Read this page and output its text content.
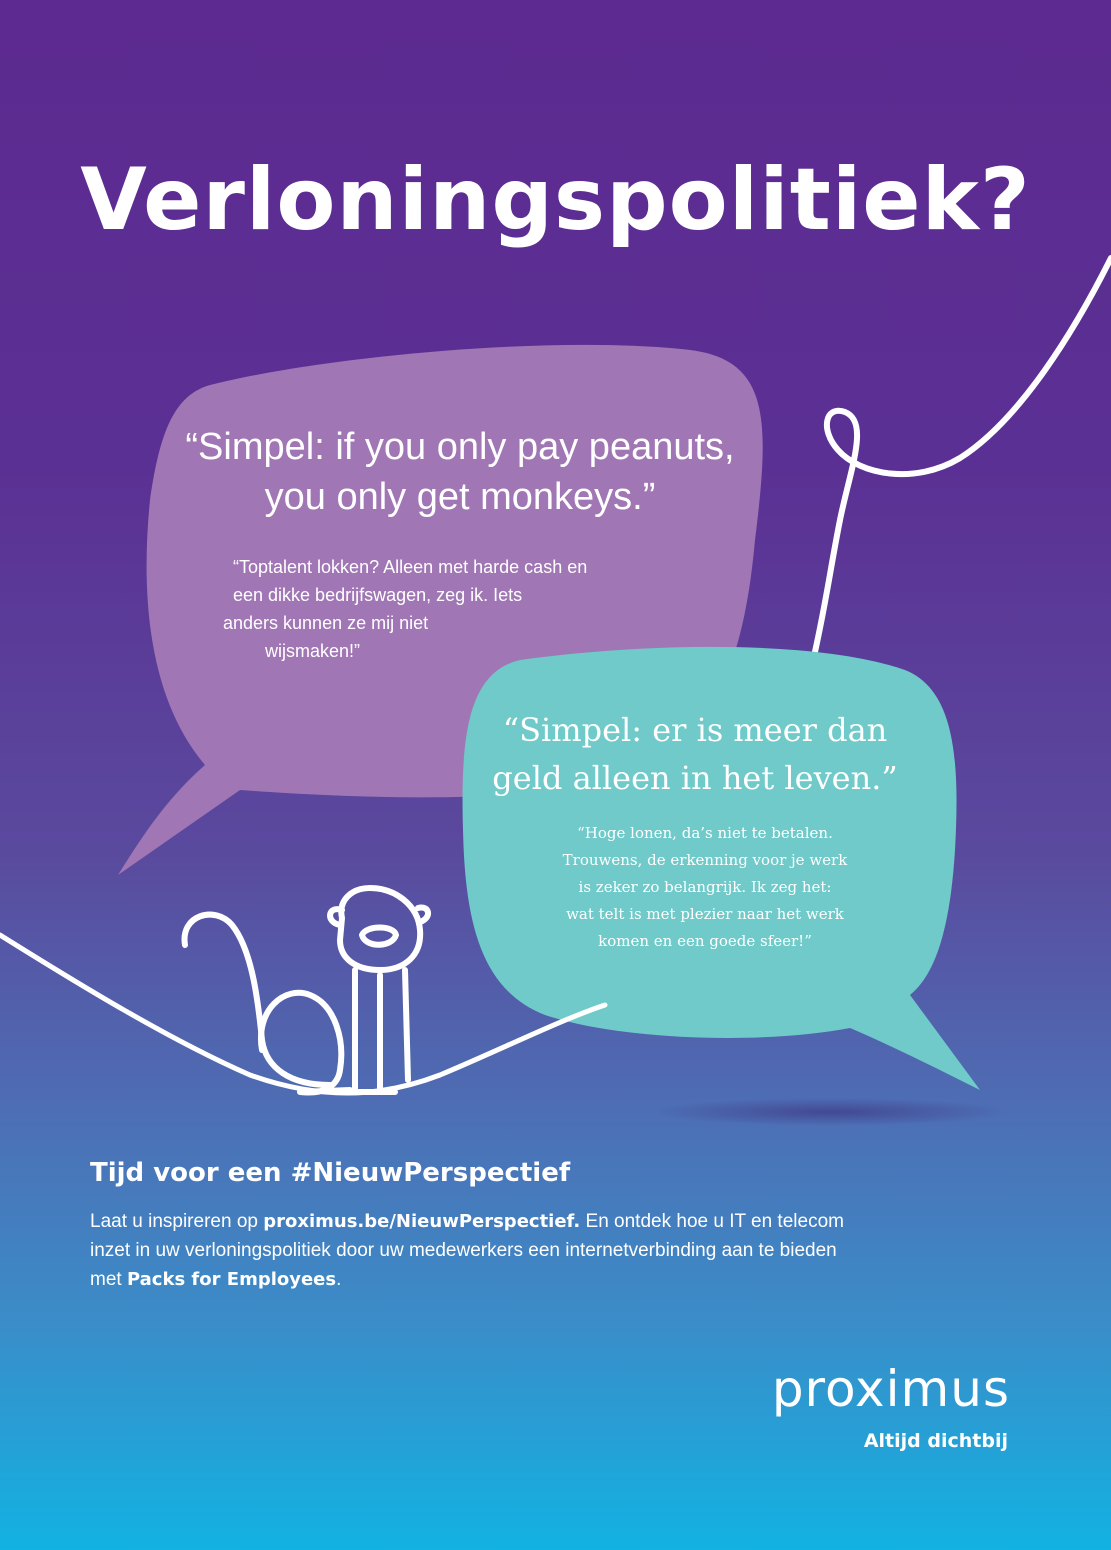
Verloningspolitiek?
“Simpel: if you only pay peanuts,
you only get monkeys.”
“Toptalent lokken? Alleen met harde cash en
een dikke bedrijfswagen, zeg ik. Iets
anders kunnen ze mij niet
wijsmaken!”
“Simpel: er is meer dan
geld alleen in het leven.”
“Hoge lonen, da’s niet te betalen.
Trouwens, de erkenning voor je werk
is zeker zo belangrijk. Ik zeg het:
wat telt is met plezier naar het werk
komen en een goede sfeer!”
Tijd voor een #NieuwPerspectief

Laat u inspireren op proximus.be/NieuwPerspectief. En ontdek hoe u IT en telecom inzet in uw verloningspolitiek door uw medewerkers een internetverbinding aan te bieden met Packs for Employees.

proximus

Altijd dichtbij
